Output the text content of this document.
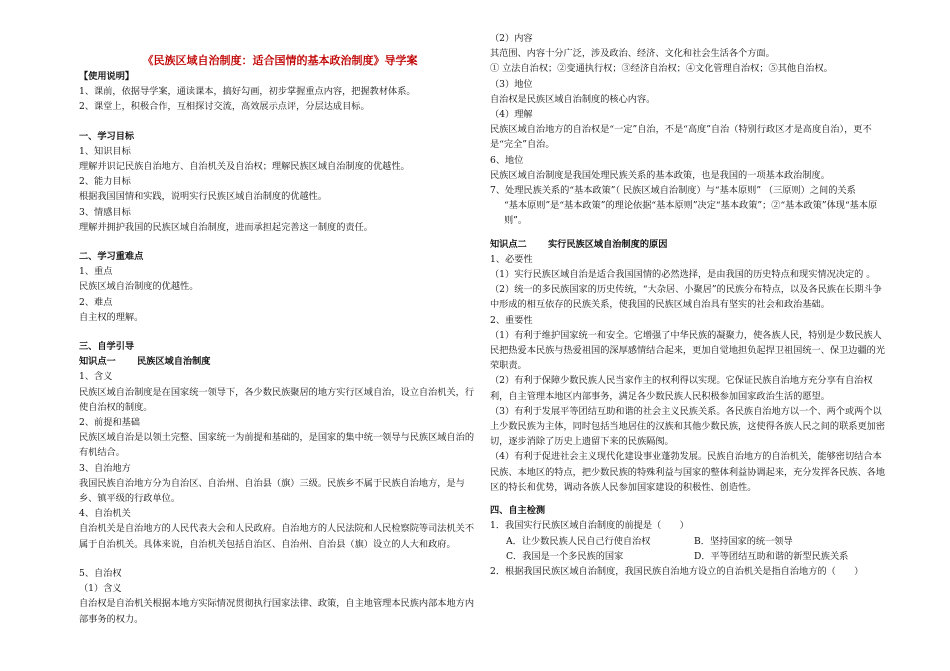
《民族区域自治制度：适合国情的基本政治制度》导学案
【使用说明】
1、课前，依据导学案，通读课本，搞好勾画，初步掌握重点内容，把握教材体系。
2、课堂上，积极合作，互相探讨交流，高效展示点评，分层达成目标。
一、学习目标
1、知识目标
理解并识记民族自治地方、自治机关及自治权；理解民族区域自治制度的优越性。
2、能力目标
根据我国国情和实践，说明实行民族区域自治制度的优越性。
3、情感目标
理解并拥护我国的民族区域自治制度，进而承担起完善这一制度的责任。
二、学习重难点
1、重点
民族区域自治制度的优越性。
2、难点
自主权的理解。
三、自学引导
知识点一 民族区域自治制度
1、含义
民族区域自治制度是在国家统一领导下，各少数民族聚居的地方实行区域自治，设立自治机关，行使自治权的制度。
2、前提和基础
民族区域自治是以领土完整、国家统一为前提和基础的，是国家的集中统一领导与民族区域自治的有机结合。
3、自治地方
我国民族自治地方分为自治区、自治州、自治县（旗）三级。民族乡不属于民族自治地方，是与乡、镇平级的行政单位。
4、自治机关
自治机关是自治地方的人民代表大会和人民政府。自治地方的人民法院和人民检察院等司法机关不属于自治机关。具体来说，自治机关包括自治区、自治州、自治县（旗）设立的人大和政府。
5、自治权
（1）含义
自治权是自治机关根据本地方实际情况贯彻执行国家法律、政策，自主地管理本民族内部本地方内部事务的权力。
（2）内容
其范围、内容十分广泛，涉及政治、经济、文化和社会生活各个方面。
① 立法自治权；②变通执行权；③经济自治权；④文化管理自治权；⑤其他自治权。
（3）地位
自治权是民族区域自治制度的核心内容。
（4）理解
民族区域自治地方的自治权是“一定”自治，不是“高度”自治（特别行政区才是高度自治），更不是“完全”自治。
6、地位
民族区域自治制度是我国处理民族关系的基本政策，也是我国的一项基本政治制度。
7、处理民族关系的“基本政策”（ 民族区域自治制度）与“基本原则” （三原则）之间的关系
“基本原则”是“基本政策”的理论依据“基本原则”决定“基本政策”；②“基本政策”体现“基本原则”。
知识点二 实行民族区域自治制度的原因
1、必要性
（1）实行民族区域自治是适合我国国情的必然选择，是由我国的历史特点和现实情况决定的 。
（2）统一的多民族国家的历史传统，“大杂居、小聚居”的民族分布特点，以及各民族在长期斗争中形成的相互依存的民族关系，使我国的民族区域自治具有坚实的社会和政治基础。
2、重要性
（1）有利于维护国家统一和安全。它增强了中华民族的凝聚力，使各族人民，特别是少数民族人民把热爱本民族与热爱祖国的深厚感情结合起来，更加自觉地担负起捍卫祖国统一、保卫边疆的光荣职责。
（2）有利于保障少数民族人民当家作主的权利得以实现。它保证民族自治地方充分享有自治权利，自主管理本地区内部事务，满足各少数民族人民积极参加国家政治生活的愿望。
（3）有利于发展平等团结互助和谐的社会主义民族关系。各民族自治地方以一个、两个或两个以上少数民族为主体，同时包括当地居住的汉族和其他少数民族，这使得各族人民之间的联系更加密切，逐步消除了历史上遗留下来的民族隔阂。
（4）有利于促进社会主义现代化建设事业蓬勃发展。民族自治地方的自治机关，能够密切结合本民族、本地区的特点，把少数民族的特殊利益与国家的整体利益协调起来，充分发挥各民族、各地区的特长和优势，调动各族人民参加国家建设的积极性、创造性。
四、自主检测
1．我国实行民族区域自治制度的前提是（　　）
A．让少数民族人民自己行使自治权	B．坚持国家的统一领导
C．我国是一个多民族的国家	D．平等团结互助和谐的新型民族关系
2．根据我国民族区域自治制度，我国民族自治地方设立的自治机关是指自治地方的（　　）
